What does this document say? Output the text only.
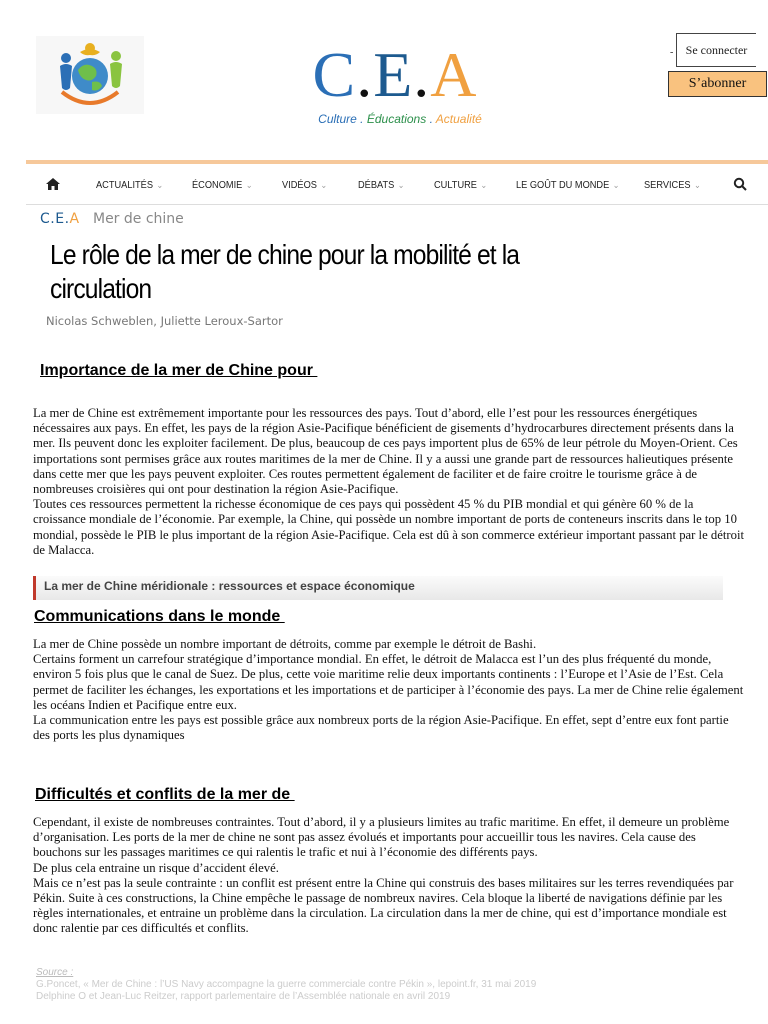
C.E.A
Culture . Éducations . Actualité
-	Se connecter
S’abonner
ACTUALITÉS ⌄	ÉCONOMIE ⌄	VIDÉOS ⌄	DÉBATS ⌄	CULTURE ⌄	LE GOÛT DU MONDE ⌄ SERVICES ⌄
C.E.A Mer de chine
Le rôle de la mer de chine pour la mobilité et la circulation
Nicolas Schweblen, Juliette Leroux-Sartor
Importance de la mer de Chine pour
La mer de Chine est extrêmement importante pour les ressources des pays. Tout d’abord, elle l’est pour les ressources énergétiques nécessaires aux pays. En effet, les pays de la région Asie-Pacifique bénéficient de gisements d’hydrocarbures directement présents dans la mer. Ils peuvent donc les exploiter facilement. De plus, beaucoup de ces pays importent plus de 65% de leur pétrole du Moyen-Orient. Ces importations sont permises grâce aux routes maritimes de la mer de Chine. Il y a aussi une grande part de ressources halieutiques présente dans cette mer que les pays peuvent exploiter. Ces routes permettent également de faciliter et de faire croitre le tourisme grâce à de nombreuses croisières qui ont pour destination la région Asie-Pacifique.
Toutes ces ressources permettent la richesse économique de ces pays qui possèdent 45 % du PIB mondial et qui génère 60 % de la croissance mondiale de l’économie. Par exemple, la Chine, qui possède un nombre important de ports de conteneurs inscrits dans le top 10 mondial, possède le PIB le plus important de la région Asie-Pacifique. Cela est dû à son commerce extérieur important passant par le détroit de Malacca.
La mer de Chine méridionale : ressources et espace économique
Communications dans le monde
La mer de Chine possède un nombre important de détroits, comme par exemple le détroit de Bashi.
Certains forment un carrefour stratégique d’importance mondial. En effet, le détroit de Malacca est l’un des plus fréquenté du monde, environ 5 fois plus que le canal de Suez. De plus, cette voie maritime relie deux importants continents : l’Europe et l’Asie de l’Est. Cela permet de faciliter les échanges, les exportations et les importations et de participer à l’économie des pays. La mer de Chine relie également les océans Indien et Pacifique entre eux.
La communication entre les pays est possible grâce aux nombreux ports de la région Asie-Pacifique. En effet, sept d’entre eux font partie des ports les plus dynamiques
Difficultés et conflits de la mer de
Cependant, il existe de nombreuses contraintes. Tout d’abord, il y a plusieurs limites au trafic maritime. En effet, il demeure un problème d’organisation. Les ports de la mer de chine ne sont pas assez évolués et importants pour accueillir tous les navires. Cela cause des bouchons sur les passages maritimes ce qui ralentis le trafic et nui à l’économie des différents pays.
De plus cela entraine un risque d’accident élevé.
Mais ce n’est pas la seule contrainte : un conflit est présent entre la Chine qui construis des bases militaires sur les terres revendiquées par Pékin. Suite à ces constructions, la Chine empêche le passage de nombreux navires. Cela bloque la liberté de navigations définie par les règles internationales, et entraine un problème dans la circulation. La circulation dans la mer de chine, qui est d’importance mondiale est donc ralentie par ces difficultés et conflits.
Source :
G.Poncet, « Mer de Chine : l’US Navy accompagne la guerre commerciale contre Pékin », lepoint.fr, 31 mai 2019
Delphine O et Jean-Luc Reitzer, rapport parlementaire de l’Assemblée nationale en avril 2019
